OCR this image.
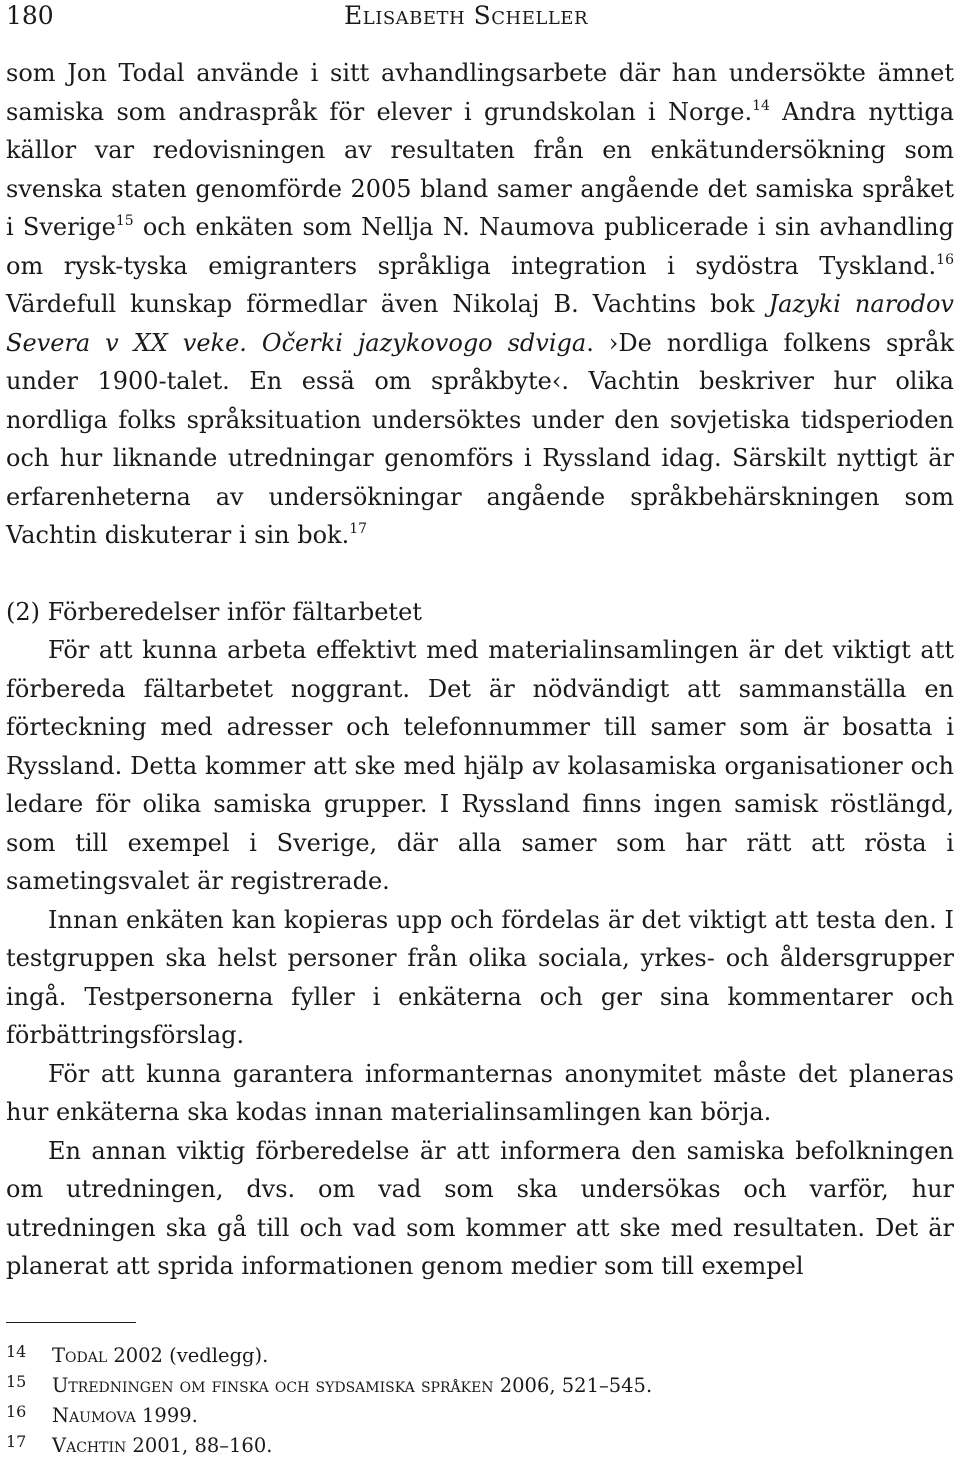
180	Elisabeth Scheller

som Jon Todal använde i sitt avhandlingsarbete där han undersökte ämnet samiska som andraspråk för elever i grundskolan i Norge.$^{14}$ Andra nyttiga källor var redovisningen av resultaten från en enkätundersökning som svenska staten genomförde 2005 bland samer angående det samiska språket i Sverige$^{15}$ och enkäten som Nellja N. Naumova publicerade i sin avhandling om rysk-tyska emigranters språkliga integration i sydöstra Tyskland.$^{16}$ Värdefull kunskap förmedlar även Nikolaj B. Vachtins bok Jazyki narodov Severa v XX veke. Očerki jazykovogo sdviga. ›De nordliga folkens språk under 1900-talet. En essä om språkbyte‹. Vachtin beskriver hur olika nordliga folks språksituation undersöktes under den sovjetiska tidsperioden och hur liknande utredningar genomförs i Ryssland idag. Särskilt nyttigt är erfarenheterna av undersökningar angående språkbehärskningen som Vachtin diskuterar i sin bok.$^{17}$

(2) Förberedelser inför fältarbetet

För att kunna arbeta effektivt med materialinsamlingen är det viktigt att förbereda fältarbetet noggrant. Det är nödvändigt att sammanställa en förteckning med adresser och telefonnummer till samer som är bosatta i Ryssland. Detta kommer att ske med hjälp av kolasamiska organisationer och ledare för olika samiska grupper. I Ryssland finns ingen samisk röstlängd, som till exempel i Sverige, där alla samer som har rätt att rösta i sametingsvalet är registrerade.

Innan enkäten kan kopieras upp och fördelas är det viktigt att testa den. I testgruppen ska helst personer från olika sociala, yrkes- och åldersgrupper ingå. Testpersonerna fyller i enkäterna och ger sina kommentarer och förbättringsförslag.

För att kunna garantera informanternas anonymitet måste det planeras hur enkäterna ska kodas innan materialinsamlingen kan börja.

En annan viktig förberedelse är att informera den samiska befolkningen om utredningen, dvs. om vad som ska undersökas och varför, hur utredningen ska gå till och vad som kommer att ske med resultaten. Det är planerat att sprida informationen genom medier som till exempel

14 Todal 2002 (vedlegg).
15 Utredningen om finska och sydsamiska språken 2006, 521–545.
16 Naumova 1999.
17 Vachtin 2001, 88–160.
